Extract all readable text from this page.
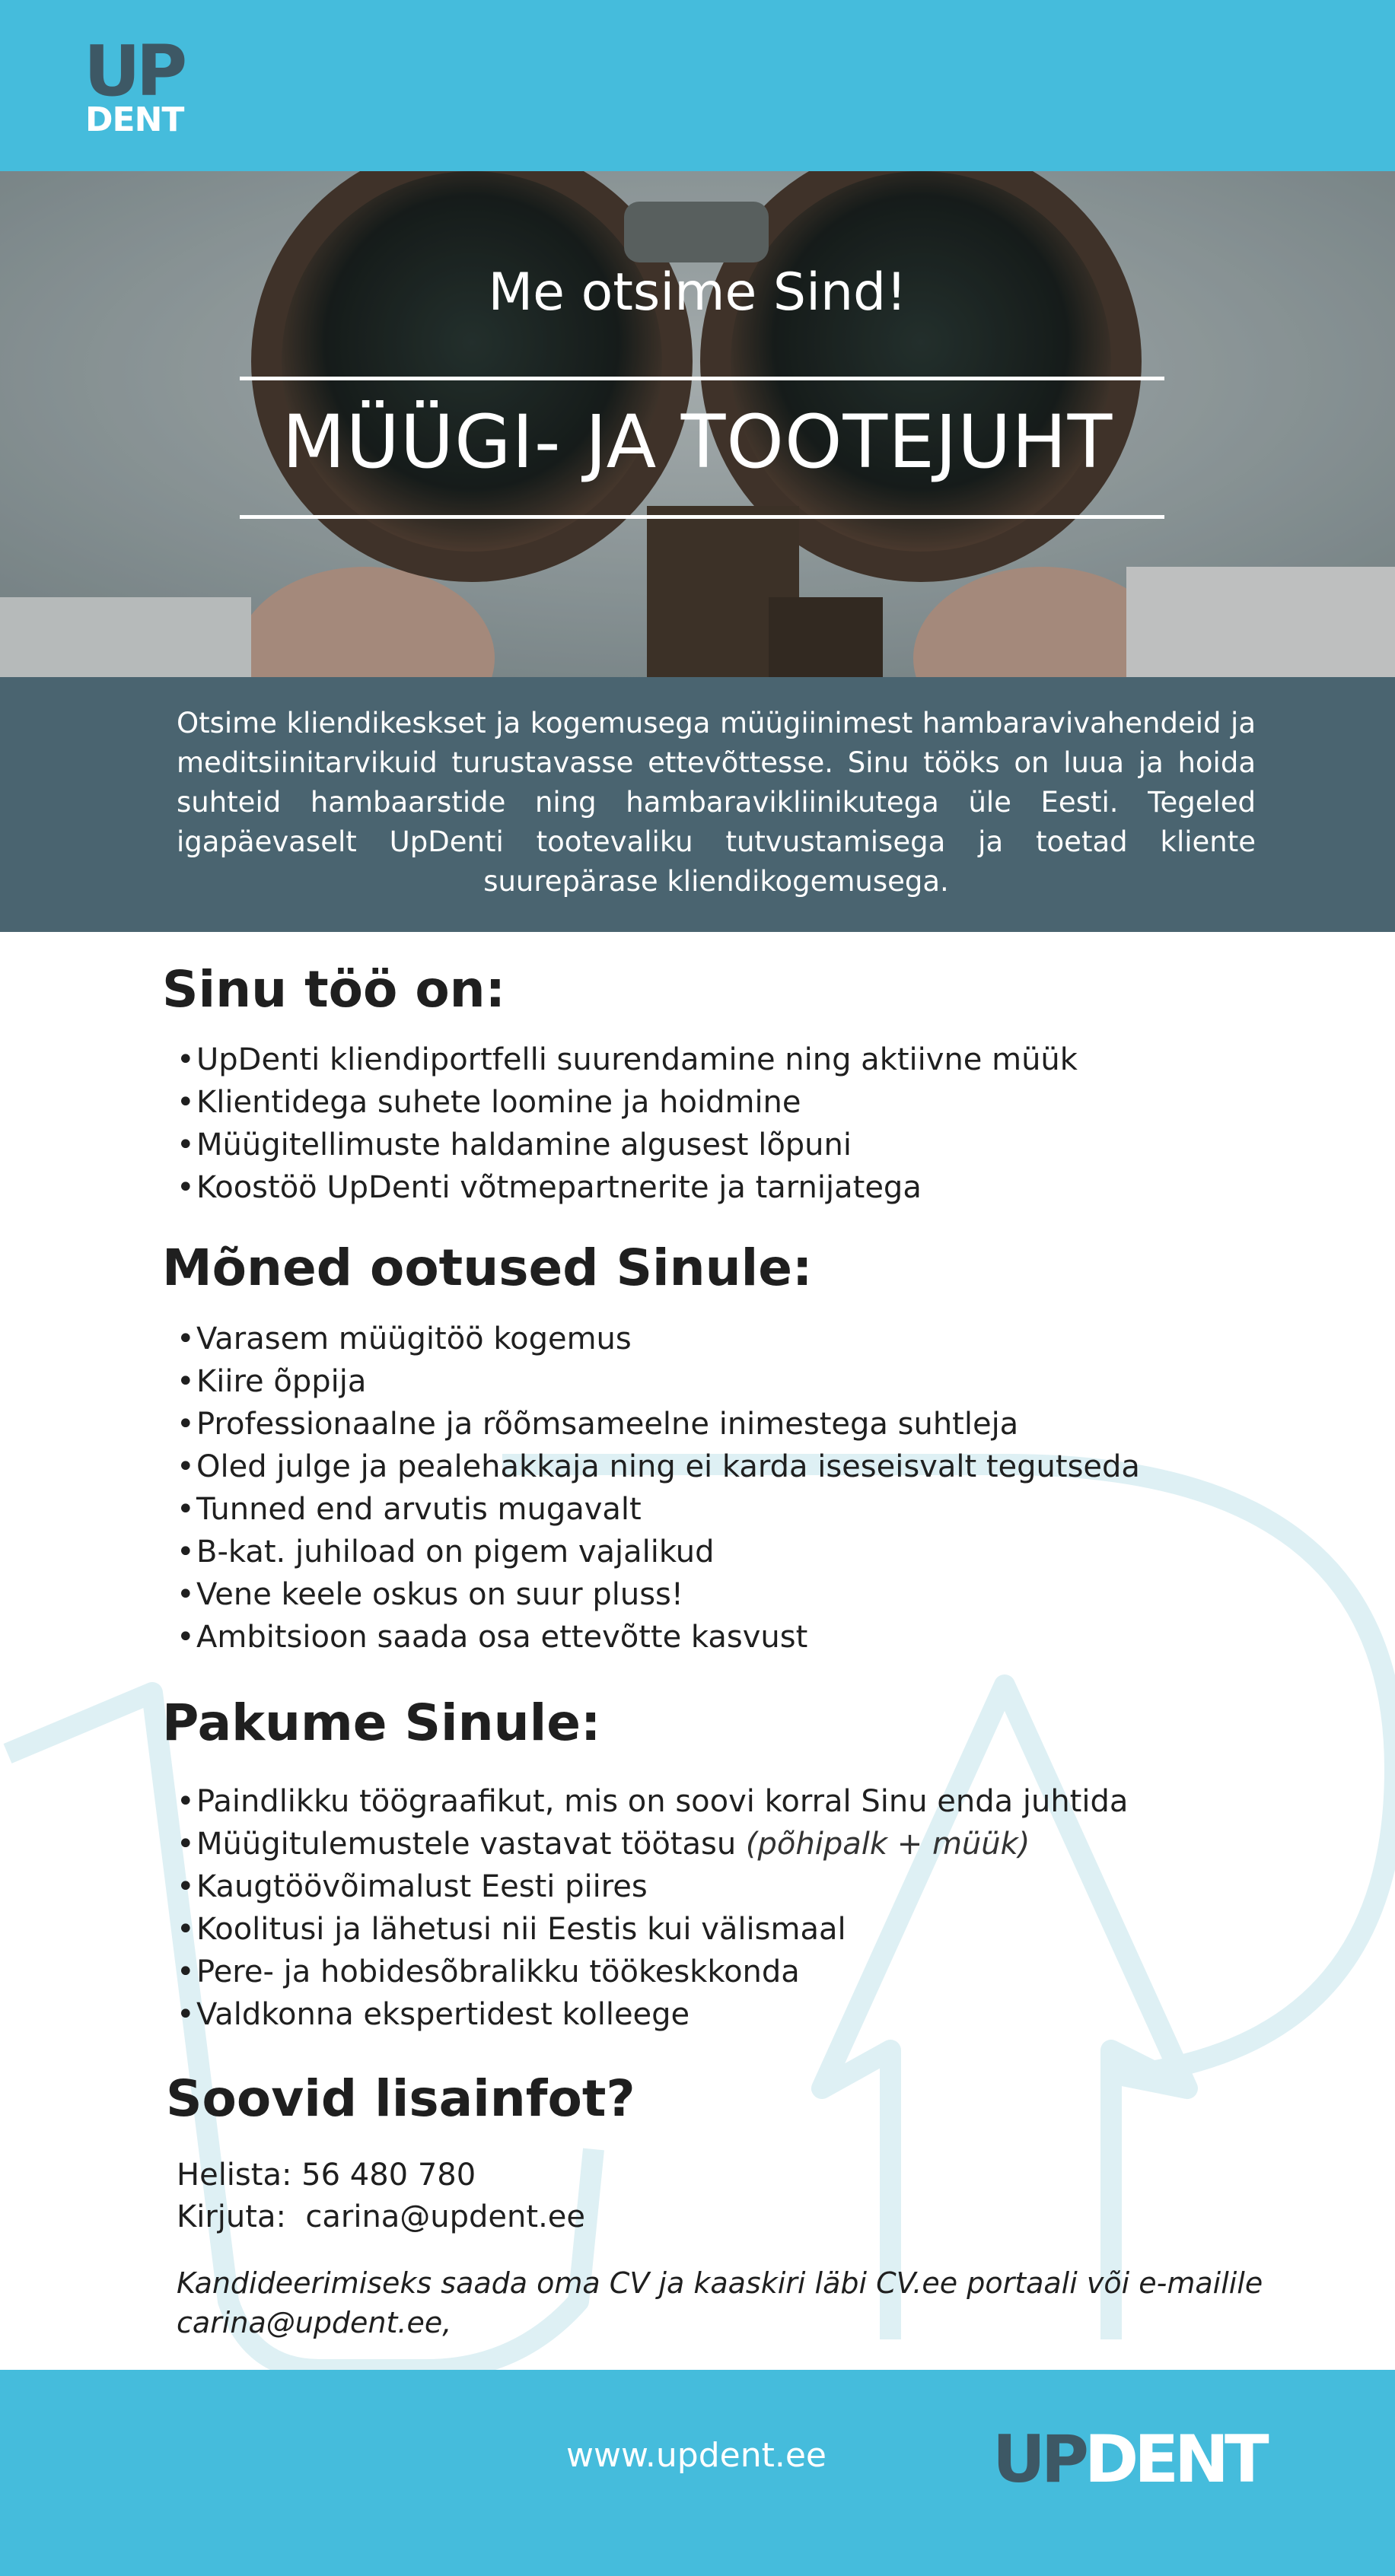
UP
DENT
Me otsime Sind!
MÜÜGI- JA TOOTEJUHT
Otsime kliendikeskset ja kogemusega müügiinimest hambaravivahendeid ja meditsiinitarvikuid turustavasse ettevõttesse. Sinu tööks on luua ja hoida suhteid hambaarstide ning hambaravikliinikutega üle Eesti. Tegeled igapäevaselt UpDenti tootevaliku tutvustamisega ja toetad kliente suurepärase kliendikogemusega.
Sinu töö on:
•UpDenti kliendiportfelli suurendamine ning aktiivne müük
•Klientidega suhete loomine ja hoidmine
•Müügitellimuste haldamine algusest lõpuni
•Koostöö UpDenti võtmepartnerite ja tarnijatega
Mõned ootused Sinule:
•Varasem müügitöö kogemus
•Kiire õppija
•Professionaalne ja rõõmsameelne inimestega suhtleja
•Oled julge ja pealehakkaja ning ei karda iseseisvalt tegutseda
•Tunned end arvutis mugavalt
•B-kat. juhiload on pigem vajalikud
•Vene keele oskus on suur pluss!
•Ambitsioon saada osa ettevõtte kasvust
Pakume Sinule:
•Paindlikku töögraafikut, mis on soovi korral Sinu enda juhtida
•Müügitulemustele vastavat töötasu (põhipalk + müük)
•Kaugtöövõimalust Eesti piires
•Koolitusi ja lähetusi nii Eestis kui välismaal
•Pere- ja hobidesõbralikku töökeskkonda
•Valdkonna ekspertidest kolleege
Soovid lisainfot?
Helista: 56 480 780
Kirjuta: carina@updent.ee
Kandideerimiseks saada oma CV ja kaaskiri läbi CV.ee portaali või e-mailile
carina@updent.ee,
www.updent.ee	UPDENT
